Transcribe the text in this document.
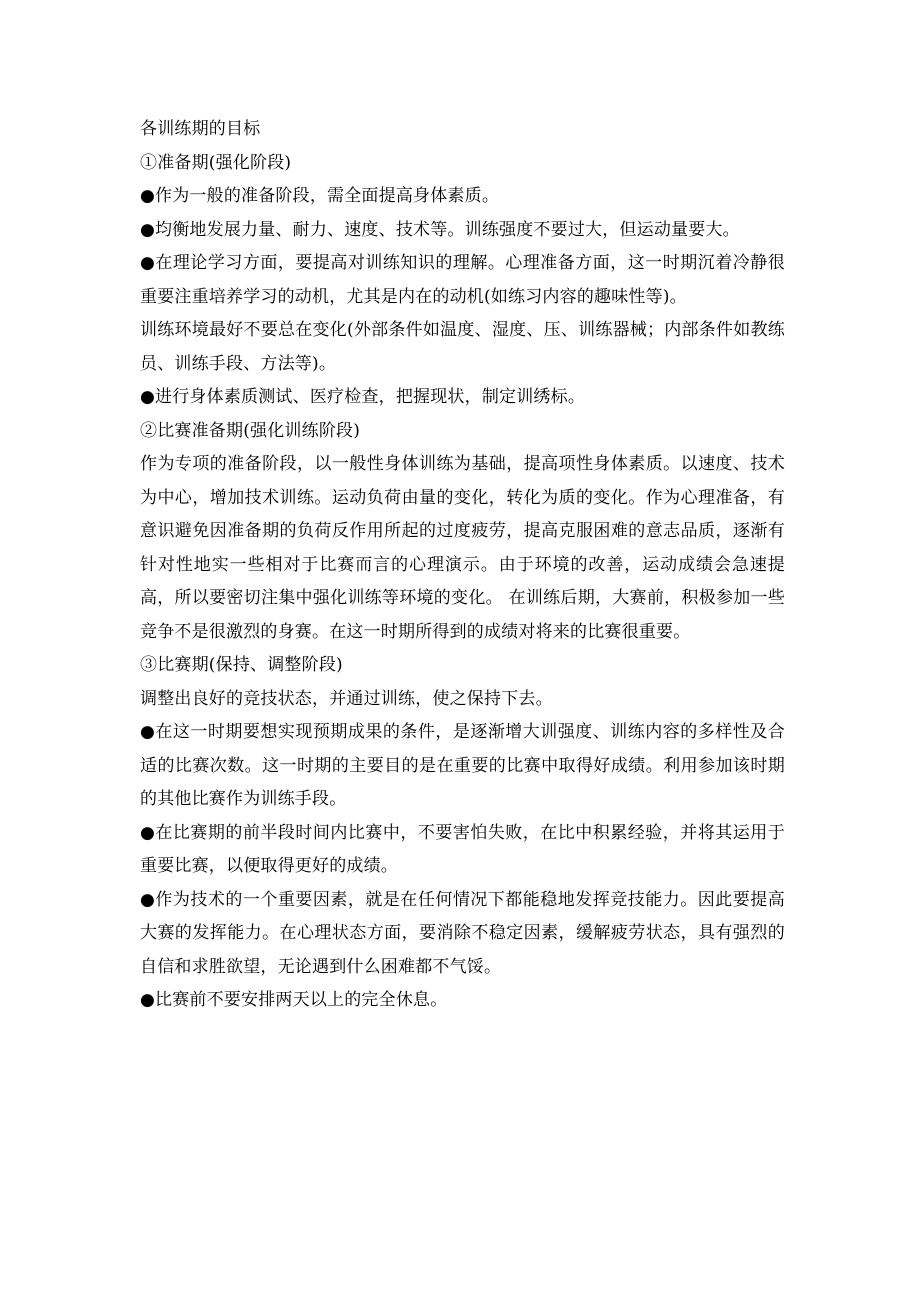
各训练期的目标

①准备期(强化阶段)

●作为一般的准备阶段，需全面提高身体素质。

●均衡地发展力量、耐力、速度、技术等。训练强度不要过大，但运动量要大。

●在理论学习方面，要提高对训练知识的理解。心理准备方面，这一时期沉着冷静很重要注重培养学习的动机，尤其是内在的动机(如练习内容的趣味性等)。

训练环境最好不要总在变化(外部条件如温度、湿度、压、训练器械；内部条件如教练员、训练手段、方法等)。

●进行身体素质测试、医疗检查，把握现状，制定训绣标。

②比赛准备期(强化训练阶段)

作为专项的准备阶段，以一般性身体训练为基础，提高项性身体素质。以速度、技术为中心，增加技术训练。运动负荷由量的变化，转化为质的变化。作为心理准备，有意识避免因准备期的负荷反作用所起的过度疲劳，提高克服困难的意志品质，逐渐有针对性地实一些相对于比赛而言的心理演示。由于环境的改善，运动成绩会急速提高，所以要密切注集中强化训练等环境的变化。 在训练后期，大赛前，积极参加一些竞争不是很激烈的身赛。在这一时期所得到的成绩对将来的比赛很重要。

③比赛期(保持、调整阶段)

调整出良好的竞技状态，并通过训练，使之保持下去。

●在这一时期要想实现预期成果的条件，是逐渐增大训强度、训练内容的多样性及合适的比赛次数。这一时期的主要目的是在重要的比赛中取得好成绩。利用参加该时期的其他比赛作为训练手段。

●在比赛期的前半段时间内比赛中，不要害怕失败，在比中积累经验，并将其运用于重要比赛，以便取得更好的成绩。

●作为技术的一个重要因素，就是在任何情况下都能稳地发挥竞技能力。因此要提高大赛的发挥能力。在心理状态方面，要消除不稳定因素，缓解疲劳状态，具有强烈的自信和求胜欲望，无论遇到什么困难都不气馁。

●比赛前不要安排两天以上的完全休息。
